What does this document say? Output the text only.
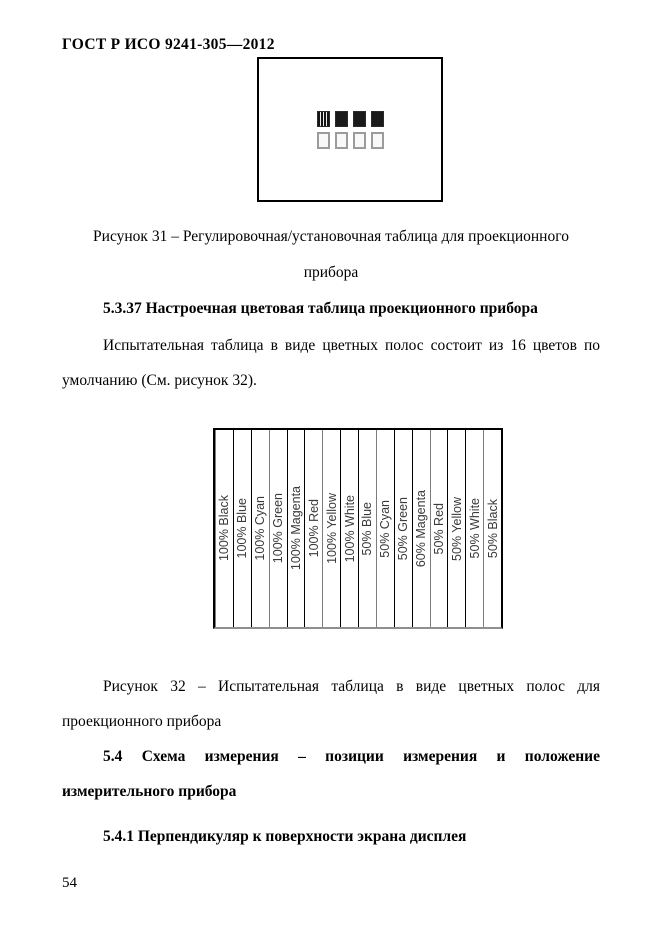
ГОСТ Р ИСО 9241-305—2012
Рисунок 31 – Регулировочная/установочная таблица для проекционного
прибора
5.3.37 Настроечная цветовая таблица проекционного прибора
Испытательная таблица в виде цветных полос состоит из 16 цветов по
умолчанию (См. рисунок 32).
100% Black 100% Blue 100% Cyan 100% Green 100% Magenta 100% Red 100% Yellow 100% White 50% Blue 50% Cyan 50% Green 60% Magenta 50% Red 50% Yellow 50% White 50% Black
Рисунок 32 – Испытательная таблица в виде цветных полос для
проекционного прибора
5.4 Схема измерения – позиции измерения и положение
измерительного прибора
5.4.1 Перпендикуляр к поверхности экрана дисплея
54
